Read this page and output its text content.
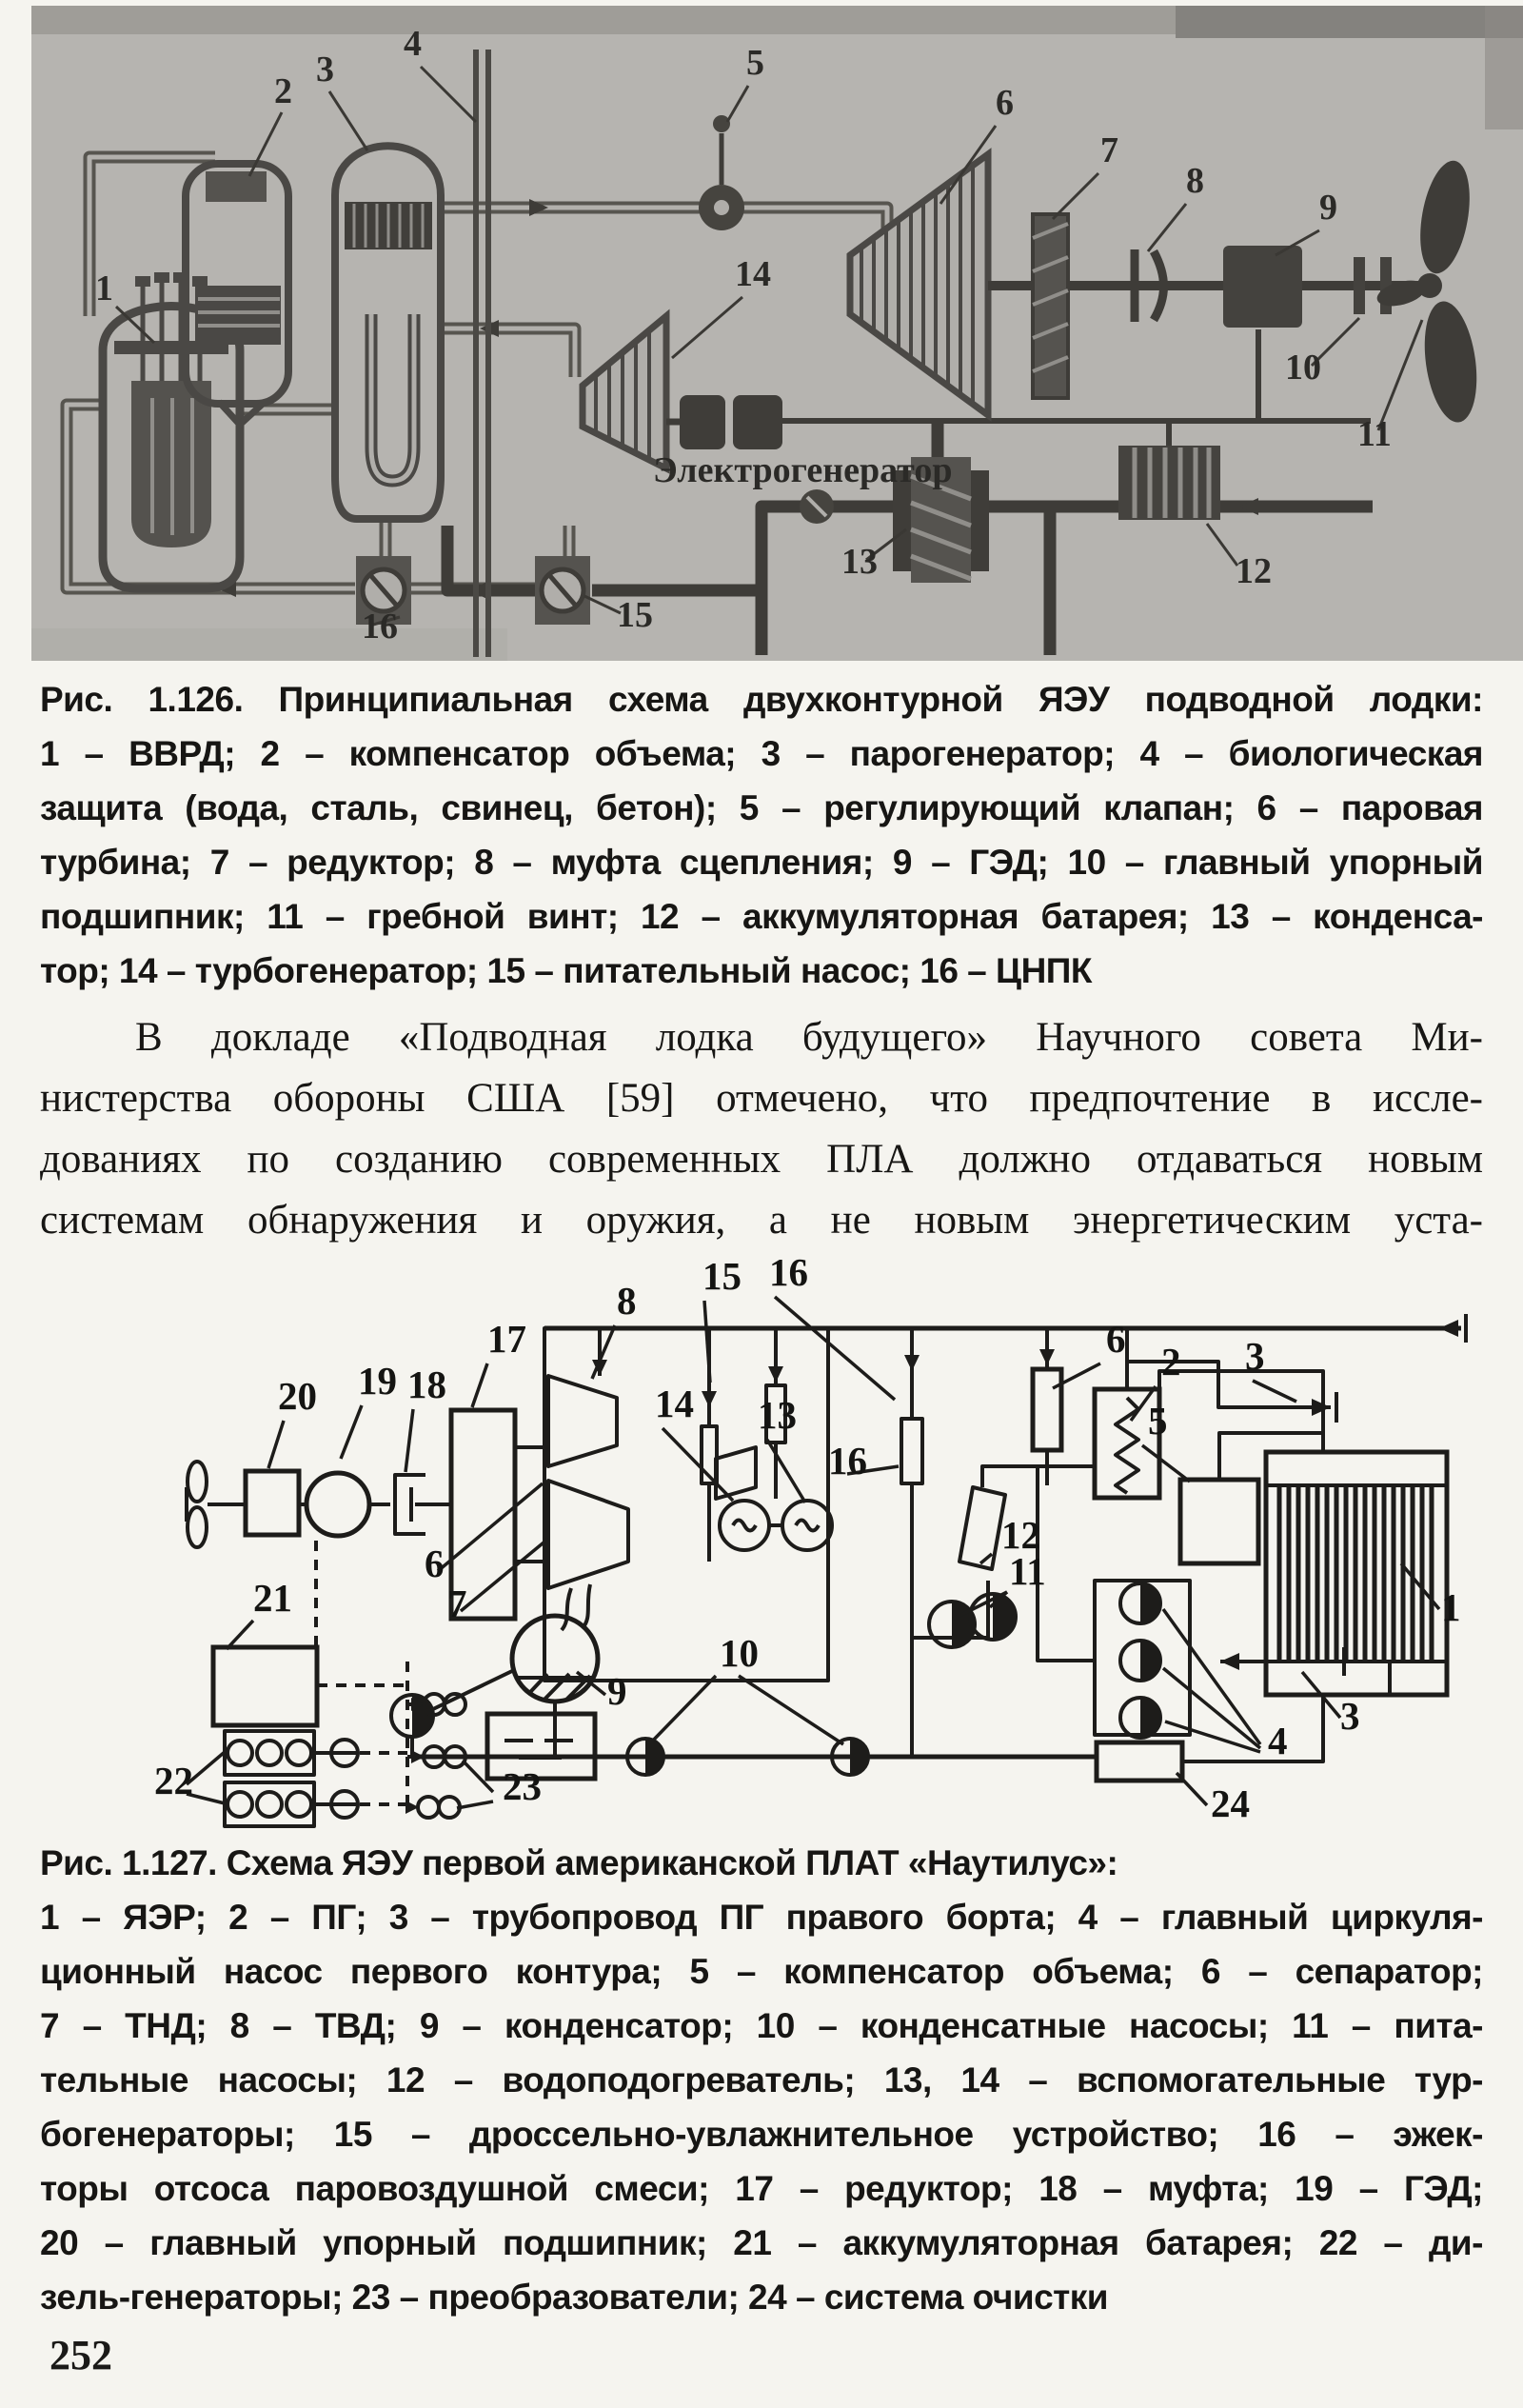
1
2
3
4	5
6
7
8
9
10
11
12
13
14
15
16
Электрогенератор
Рис. 1.126. Принципиальная схема двухконтурной ЯЭУ подводной лодки:
1 – ВВРД; 2 – компенсатор объема; 3 – парогенератор; 4 – биологическая
защита (вода, сталь, свинец, бетон); 5 – регулирующий клапан; 6 – паровая
турбина; 7 – редуктор; 8 – муфта сцепления; 9 – ГЭД; 10 – главный упорный
подшипник; 11 – гребной винт; 12 – аккумуляторная батарея; 13 – конденса-
тор; 14 – турбогенератор; 15 – питательный насос; 16 – ЦНПК
В докладе «Подводная лодка будущего» Научного совета Ми-
нистерства обороны США [59] отмечено, что предпочтение в иссле-
дованиях по созданию современных ПЛА должно отдаваться новым
системам обнаружения и оружия, а не новым энергетическим уста-
20 19 18
17
8
15 16
6
2 3
5
1
16
14 13
12
11
6
7
9
10
21
22	23
4
3
24
Рис. 1.127. Схема ЯЭУ первой американской ПЛАТ «Наутилус»:
1 – ЯЭР; 2 – ПГ; 3 – трубопровод ПГ правого борта; 4 – главный циркуля-
ционный насос первого контура; 5 – компенсатор объема; 6 – сепаратор;
7 – ТНД; 8 – ТВД; 9 – конденсатор; 10 – конденсатные насосы; 11 – пита-
тельные насосы; 12 – водоподогреватель; 13, 14 – вспомогательные тур-
богенераторы; 15 – дроссельно-увлажнительное устройство; 16 – эжек-
торы отсоса паровоздушной смеси; 17 – редуктор; 18 – муфта; 19 – ГЭД;
20 – главный упорный подшипник; 21 – аккумуляторная батарея; 22 – ди-
зель-генераторы; 23 – преобразователи; 24 – система очистки
252
